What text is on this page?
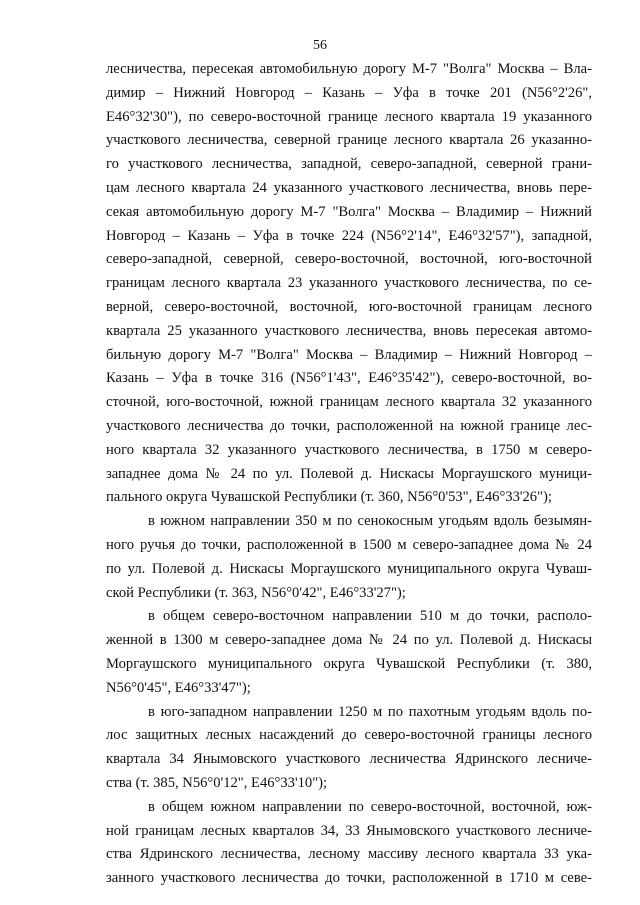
56
лесничества, пересекая автомобильную дорогу М-7 "Волга" Москва – Вла-
димир – Нижний Новгород – Казань – Уфа в точке 201 (N56°2'26",
E46°32'30"), по северо-восточной границе лесного квартала 19 указанного
участкового лесничества, северной границе лесного квартала 26 указанно-
го участкового лесничества, западной, северо-западной, северной грани-
цам лесного квартала 24 указанного участкового лесничества, вновь пере-
секая автомобильную дорогу М-7 "Волга" Москва – Владимир – Нижний
Новгород – Казань – Уфа в точке 224 (N56°2'14", E46°32'57"), западной,
северо-западной, северной, северо-восточной, восточной, юго-восточной
границам лесного квартала 23 указанного участкового лесничества, по се-
верной, северо-восточной, восточной, юго-восточной границам лесного
квартала 25 указанного участкового лесничества, вновь пересекая автомо-
бильную дорогу М-7 "Волга" Москва – Владимир – Нижний Новгород –
Казань – Уфа в точке 316 (N56°1'43", E46°35'42"), северо-восточной, во-
сточной, юго-восточной, южной границам лесного квартала 32 указанного
участкового лесничества до точки, расположенной на южной границе лес-
ного квартала 32 указанного участкового лесничества, в 1750 м северо-
западнее дома № 24 по ул. Полевой д. Нискасы Моргаушского муници-
пального округа Чувашской Республики (т. 360, N56°0'53", E46°33'26");
в южном направлении 350 м по сенокосным угодьям вдоль безымян-
ного ручья до точки, расположенной в 1500 м северо-западнее дома № 24
по ул. Полевой д. Нискасы Моргаушского муниципального округа Чуваш-
ской Республики (т. 363, N56°0'42", E46°33'27");
в общем северо-восточном направлении 510 м до точки, располо-
женной в 1300 м северо-западнее дома № 24 по ул. Полевой д. Нискасы
Моргаушского муниципального округа Чувашской Республики (т. 380,
N56°0'45", E46°33'47");
в юго-западном направлении 1250 м по пахотным угодьям вдоль по-
лос защитных лесных насаждений до северо-восточной границы лесного
квартала 34 Янымовского участкового лесничества Ядринского лесниче-
ства (т. 385, N56°0'12", E46°33'10");
в общем южном направлении по северо-восточной, восточной, юж-
ной границам лесных кварталов 34, 33 Янымовского участкового лесниче-
ства Ядринского лесничества, лесному массиву лесного квартала 33 ука-
занного участкового лесничества до точки, расположенной в 1710 м севе-
